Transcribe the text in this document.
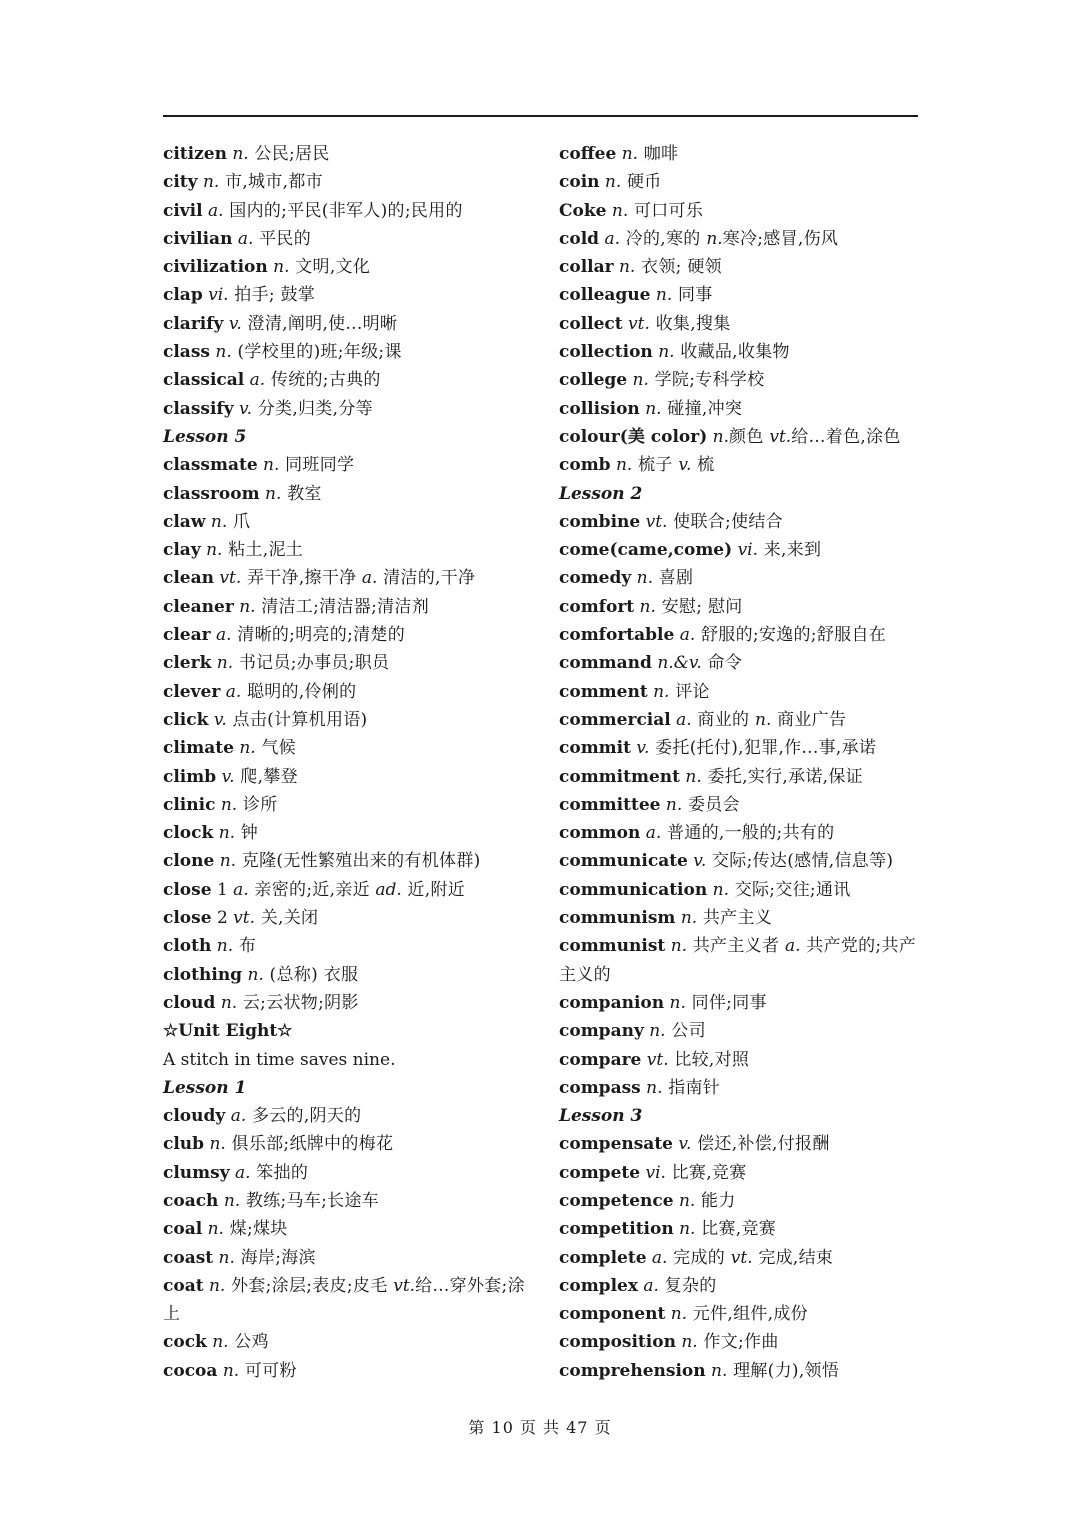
citizen n. 公民;居民
city n. 市,城市,都市
civil a. 国内的;平民(非军人)的;民用的
civilian a. 平民的
civilization n. 文明,文化
clap vi. 拍手; 鼓掌
clarify v. 澄清,阐明,使...明晰
class n. (学校里的)班;年级;课
classical a. 传统的;古典的
classify v. 分类,归类,分等
Lesson 5
classmate n. 同班同学
classroom n. 教室
claw n. 爪
clay n. 粘土,泥土
clean vt. 弄干净,擦干净 a. 清洁的,干净
cleaner n. 清洁工;清洁器;清洁剂
clear a. 清晰的;明亮的;清楚的
clerk n. 书记员;办事员;职员
clever a. 聪明的,伶俐的
click v. 点击(计算机用语)
climate n. 气候
climb v. 爬,攀登
clinic n. 诊所
clock n. 钟
clone n. 克隆(无性繁殖出来的有机体群)
close 1 a. 亲密的;近,亲近 ad. 近,附近
close 2 vt. 关,关闭
cloth n. 布
clothing n. (总称) 衣服
cloud n. 云;云状物;阴影
☆Unit Eight☆
A stitch in time saves nine.
Lesson 1
cloudy a. 多云的,阴天的
club n. 俱乐部;纸牌中的梅花
clumsy a. 笨拙的
coach n. 教练;马车;长途车
coal n. 煤;煤块
coast n. 海岸;海滨
coat n. 外套;涂层;表皮;皮毛 vt.给…穿外套;涂上
cock n. 公鸡
cocoa n. 可可粉
coffee n. 咖啡
coin n. 硬币
Coke n. 可口可乐
cold a. 冷的,寒的 n.寒冷;感冒,伤风
collar n. 衣领; 硬领
colleague n. 同事
collect vt. 收集,搜集
collection n. 收藏品,收集物
college n. 学院;专科学校
collision n. 碰撞,冲突
colour(美 color) n.颜色 vt.给…着色,涂色
comb n. 梳子 v. 梳
Lesson 2
combine vt. 使联合;使结合
come(came,come) vi. 来,来到
comedy n. 喜剧
comfort n. 安慰; 慰问
comfortable a. 舒服的;安逸的;舒服自在
command n.&v. 命令
comment n. 评论
commercial a. 商业的 n. 商业广告
commit v. 委托(托付),犯罪,作...事,承诺
commitment n. 委托,实行,承诺,保证
committee n. 委员会
common a. 普通的,一般的;共有的
communicate v. 交际;传达(感情,信息等)
communication n. 交际;交往;通讯
communism n. 共产主义
communist n. 共产主义者 a. 共产党的;共产主义的
companion n. 同伴;同事
company n. 公司
compare vt. 比较,对照
compass n. 指南针
Lesson 3
compensate v. 偿还,补偿,付报酬
compete vi. 比赛,竞赛
competence n. 能力
competition n. 比赛,竞赛
complete a. 完成的 vt. 完成,结束
complex a. 复杂的
component n. 元件,组件,成份
composition n. 作文;作曲
comprehension n. 理解(力),领悟
第 10 页 共 47 页
